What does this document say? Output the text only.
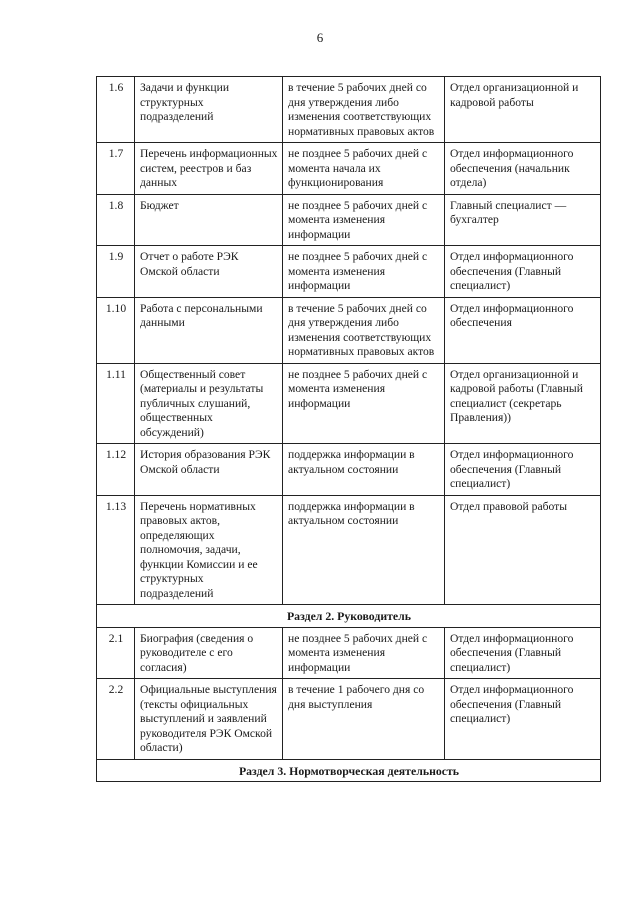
6
1.6	Задачи и функции структурных подразделений	в течение 5 рабочих дней со дня утверждения либо изменения соответствующих нормативных правовых актов	Отдел организационной и кадровой работы
1.7	Перечень информационных систем, реестров и баз данных	не позднее 5 рабочих дней с момента начала их функционирования	Отдел информационного обеспечения (начальник отдела)
1.8	Бюджет	не позднее 5 рабочих дней с момента изменения информации	Главный специалист — бухгалтер
1.9	Отчет о работе РЭК Омской области	не позднее 5 рабочих дней с момента изменения информации	Отдел информационного обеспечения (Главный специалист)
1.10	Работа с персональными данными	в течение 5 рабочих дней со дня утверждения либо изменения соответствующих нормативных правовых актов	Отдел информационного обеспечения
1.11	Общественный совет (материалы и результаты публичных слушаний, общественных обсуждений)	не позднее 5 рабочих дней с момента изменения информации	Отдел организационной и кадровой работы (Главный специалист (секретарь Правления))
1.12	История образования РЭК Омской области	поддержка информации в актуальном состоянии	Отдел информационного обеспечения (Главный специалист)
1.13	Перечень нормативных правовых актов, определяющих полномочия, задачи, функции Комиссии и ее структурных подразделений	поддержка информации в актуальном состоянии	Отдел правовой работы
Раздел 2. Руководитель			
2.1	Биография (сведения о руководителе с его согласия)	не позднее 5 рабочих дней с момента изменения информации	Отдел информационного обеспечения (Главный специалист)
2.2	Официальные выступления (тексты официальных выступлений и заявлений руководителя РЭК Омской области)	в течение 1 рабочего дня со дня выступления	Отдел информационного обеспечения (Главный специалист)
Раздел 3. Нормотворческая деятельность			
